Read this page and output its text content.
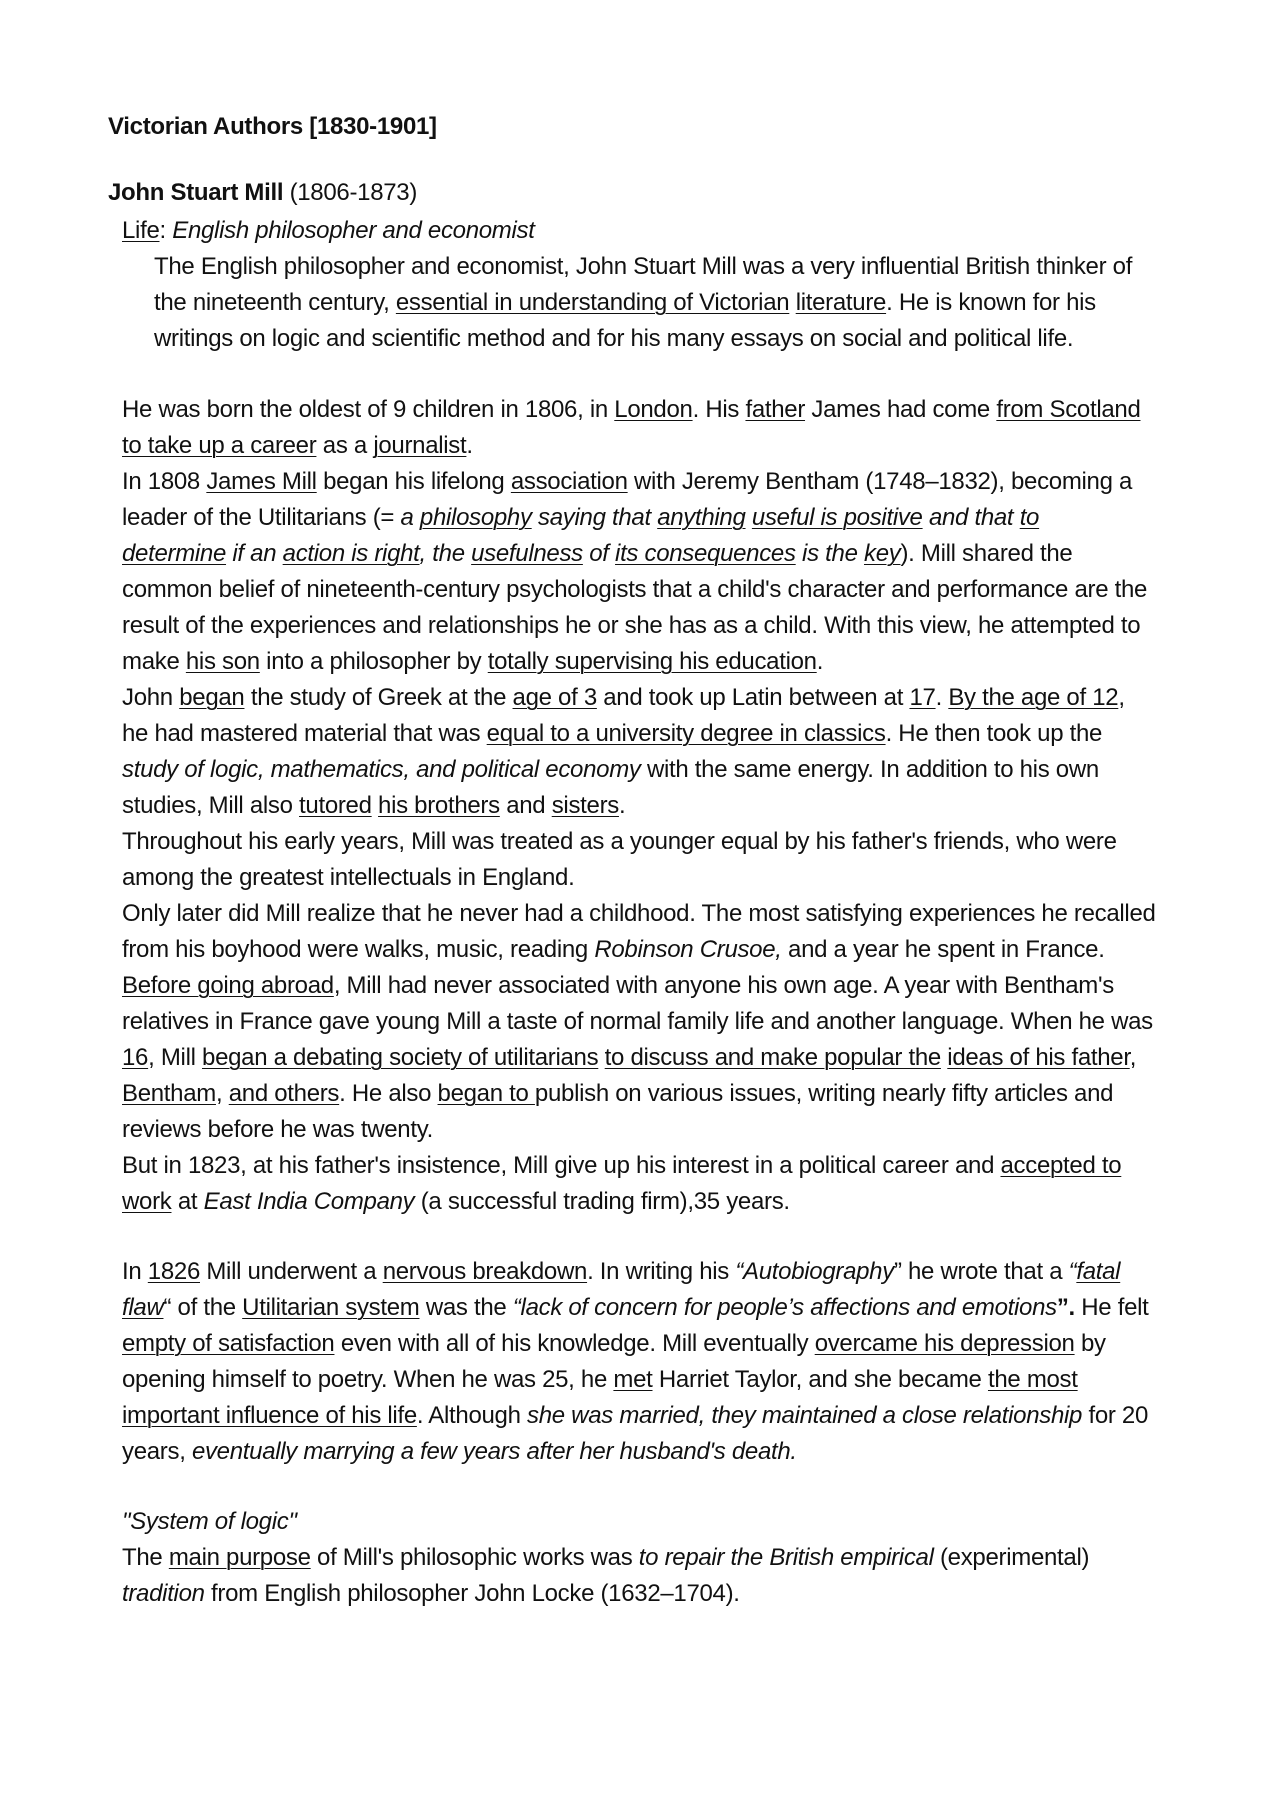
Victorian Authors [1830-1901]
John Stuart Mill (1806-1873)
Life: English philosopher and economist
The English philosopher and economist, John Stuart Mill was a very influential British thinker of
the nineteenth century, essential in understanding of Victorian literature. He is known for his
writings on logic and scientific method and for his many essays on social and political life.
He was born the oldest of 9 children in 1806, in London. His father James had come from Scotland
to take up a career as a journalist.
In 1808 James Mill began his lifelong association with Jeremy Bentham (1748–1832), becoming a
leader of the Utilitarians (= a philosophy saying that anything useful is positive and that to
determine if an action is right, the usefulness of its consequences is the key). Mill shared the
common belief of nineteenth-century psychologists that a child's character and performance are the
result of the experiences and relationships he or she has as a child. With this view, he attempted to
make his son into a philosopher by totally supervising his education.
John began the study of Greek at the age of 3 and took up Latin between at 17. By the age of 12,
he had mastered material that was equal to a university degree in classics. He then took up the
study of logic, mathematics, and political economy with the same energy. In addition to his own
studies, Mill also tutored his brothers and sisters.
Throughout his early years, Mill was treated as a younger equal by his father's friends, who were
among the greatest intellectuals in England.
Only later did Mill realize that he never had a childhood. The most satisfying experiences he recalled
from his boyhood were walks, music, reading Robinson Crusoe, and a year he spent in France.
Before going abroad, Mill had never associated with anyone his own age. A year with Bentham's
relatives in France gave young Mill a taste of normal family life and another language. When he was
16, Mill began a debating society of utilitarians to discuss and make popular the ideas of his father,
Bentham, and others. He also began to publish on various issues, writing nearly fifty articles and
reviews before he was twenty.
But in 1823, at his father's insistence, Mill give up his interest in a political career and accepted to
work at East India Company (a successful trading firm),35 years.
In 1826 Mill underwent a nervous breakdown. In writing his “Autobiography” he wrote that a “fatal
flaw“ of the Utilitarian system was the “lack of concern for people’s affections and emotions”. He felt
empty of satisfaction even with all of his knowledge. Mill eventually overcame his depression by
opening himself to poetry. When he was 25, he met Harriet Taylor, and she became the most
important influence of his life. Although she was married, they maintained a close relationship for 20
years, eventually marrying a few years after her husband's death.
"System of logic"
The main purpose of Mill's philosophic works was to repair the British empirical (experimental)
tradition from English philosopher John Locke (1632–1704).
